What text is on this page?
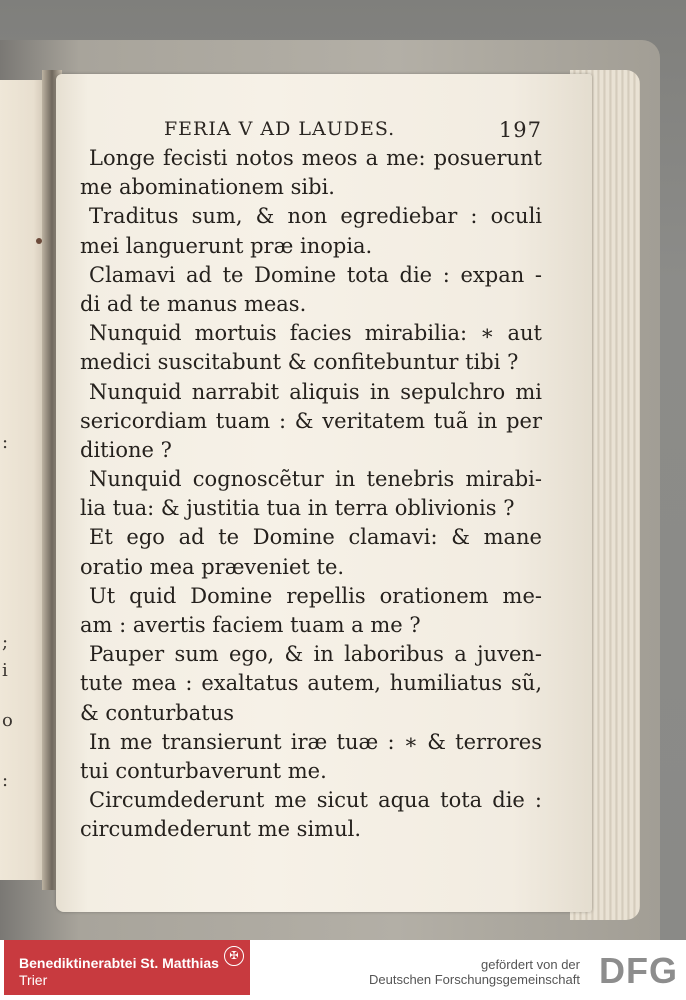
:
;
i
o
:
FERIA V AD LAUDES.	197
Longe fecisti notos meos a me: posuerunt
me abominationem sibi.
Traditus sum, & non egrediebar : oculi
mei languerunt præ inopia.
Clamavi ad te Domine tota die : expan -
di ad te manus meas.
Nunquid mortuis facies mirabilia: ∗ aut
medici suscitabunt & confitebuntur tibi ?
Nunquid narrabit aliquis in sepulchro mi
sericordiam tuam : & veritatem tuã in per
ditione ?
Nunquid cognoscẽtur in tenebris mirabi-
lia tua: & justitia tua in terra oblivionis ?
Et ego ad te Domine clamavi: & mane
oratio mea præveniet te.
Ut quid Domine repellis orationem me-
am : avertis faciem tuam a me ?
Pauper sum ego, & in laboribus a juven-
tute mea : exaltatus autem, humiliatus sũ,
& conturbatus
In me transierunt iræ tuæ : ∗ & terrores
tui conturbaverunt me.
Circumdederunt me sicut aqua tota die :
circumdederunt me simul.
Benediktinerabtei St. Matthias
Trier
✠
gefördert von der
Deutschen Forschungsgemeinschaft DFG
